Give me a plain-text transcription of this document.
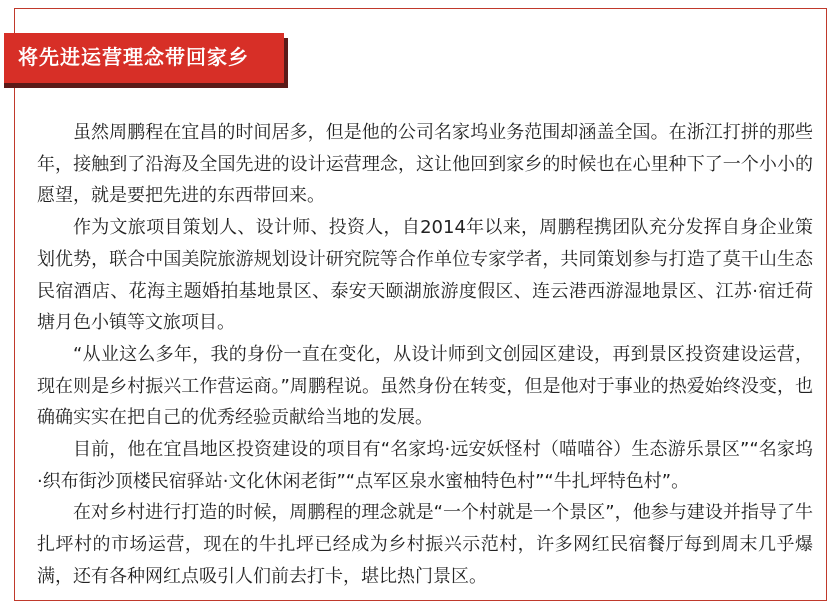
将先进运营理念带回家乡

虽然周鹏程在宜昌的时间居多，但是他的公司名家坞业务范围却涵盖全国。在浙江打拼的那些年，接触到了沿海及全国先进的设计运营理念，这让他回到家乡的时候也在心里种下了一个小小的愿望，就是要把先进的东西带回来。

作为文旅项目策划人、设计师、投资人，自2014年以来，周鹏程携团队充分发挥自身企业策划优势，联合中国美院旅游规划设计研究院等合作单位专家学者，共同策划参与打造了莫干山生态民宿酒店、花海主题婚拍基地景区、泰安天颐湖旅游度假区、连云港西游湿地景区、江苏·宿迁荷塘月色小镇等文旅项目。

“从业这么多年，我的身份一直在变化，从设计师到文创园区建设，再到景区投资建设运营，现在则是乡村振兴工作营运商。”周鹏程说。虽然身份在转变，但是他对于事业的热爱始终没变，也确确实实在把自己的优秀经验贡献给当地的发展。

目前，他在宜昌地区投资建设的项目有“名家坞·远安妖怪村（喵喵谷）生态游乐景区”“名家坞·织布街沙顶楼民宿驿站·文化休闲老街”“点军区泉水蜜柚特色村”“牛扎坪特色村”。

在对乡村进行打造的时候，周鹏程的理念就是“一个村就是一个景区”，他参与建设并指导了牛扎坪村的市场运营，现在的牛扎坪已经成为乡村振兴示范村，许多网红民宿餐厅每到周末几乎爆满，还有各种网红点吸引人们前去打卡，堪比热门景区。
